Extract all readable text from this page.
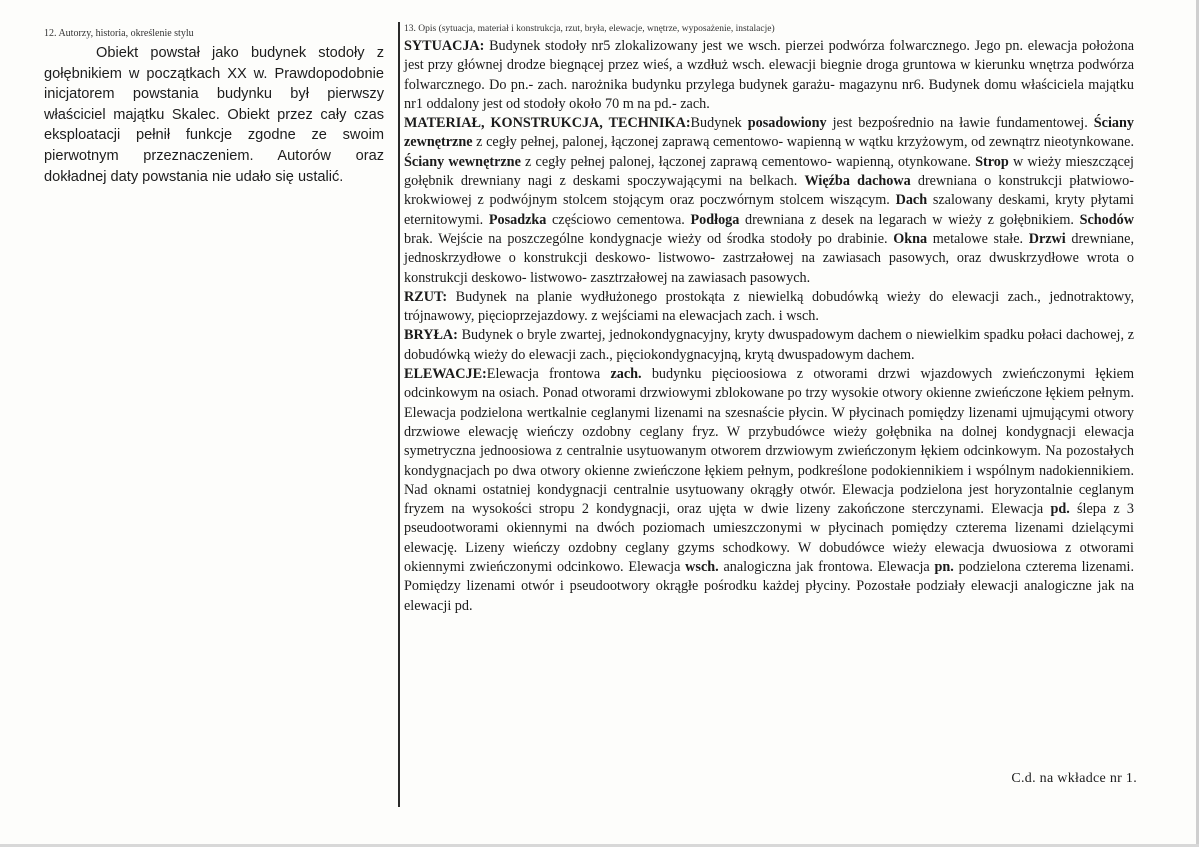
12. Autorzy, historia, określenie stylu

Obiekt powstał jako budynek stodoły z gołębnikiem w początkach XX w. Prawdopodobnie inicjatorem powstania budynku był pierwszy właściciel majątku Skalec. Obiekt przez cały czas eksploatacji pełnił funkcje zgodne ze swoim pierwotnym przeznaczeniem. Autorów oraz dokładnej daty powstania nie udało się ustalić.

13. Opis (sytuacja, materiał i konstrukcja, rzut, bryła, elewacje, wnętrze, wyposażenie, instalacje)

SYTUACJA: Budynek stodoły nr5 zlokalizowany jest we wsch. pierzei podwórza folwarcznego. Jego pn. elewacja położona jest przy głównej drodze biegnącej przez wieś, a wzdłuż wsch. elewacji biegnie droga gruntowa w kierunku wnętrza podwórza folwarcznego. Do pn.- zach. narożnika budynku przylega budynek garażu- magazynu nr6. Budynek domu właściciela majątku nr1 oddalony jest od stodoły około 70 m na pd.- zach.

MATERIAŁ, KONSTRUKCJA, TECHNIKA:Budynek posadowiony jest bezpośrednio na ławie fundamentowej. Ściany zewnętrzne z cegły pełnej, palonej, łączonej zaprawą cementowo- wapienną w wątku krzyżowym, od zewnątrz nieotynkowane. Ściany wewnętrzne z cegły pełnej palonej, łączonej zaprawą cementowo- wapienną, otynkowane. Strop w wieży mieszczącej gołębnik drewniany nagi z deskami spoczywającymi na belkach. Więźba dachowa drewniana o konstrukcji płatwiowo- krokwiowej z podwójnym stolcem stojącym oraz poczwórnym stolcem wiszącym. Dach szalowany deskami, kryty płytami eternitowymi. Posadzka częściowo cementowa. Podłoga drewniana z desek na legarach w wieży z gołębnikiem. Schodów brak. Wejście na poszczególne kondygnacje wieży od środka stodoły po drabinie. Okna metalowe stałe. Drzwi drewniane, jednoskrzydłowe o konstrukcji deskowo- listwowo- zastrzałowej na zawiasach pasowych, oraz dwuskrzydłowe wrota o konstrukcji deskowo- listwowo- zasztrzałowej na zawiasach pasowych.

RZUT: Budynek na planie wydłużonego prostokąta z niewielką dobudówką wieży do elewacji zach., jednotraktowy, trójnawowy, pięcioprzejazdowy. z wejściami na elewacjach zach. i wsch.

BRYŁA: Budynek o bryle zwartej, jednokondygnacyjny, kryty dwuspadowym dachem o niewielkim spadku połaci dachowej, z dobudówką wieży do elewacji zach., pięciokondygnacyjną, krytą dwuspadowym dachem.

ELEWACJE:Elewacja frontowa zach. budynku pięcioosiowa z otworami drzwi wjazdowych zwieńczonymi łękiem odcinkowym na osiach. Ponad otworami drzwiowymi zblokowane po trzy wysokie otwory okienne zwieńczone łękiem pełnym. Elewacja podzielona wertkalnie ceglanymi lizenami na szesnaście płycin. W płycinach pomiędzy lizenami ujmującymi otwory drzwiowe elewację wieńczy ozdobny ceglany fryz. W przybudówce wieży gołębnika na dolnej kondygnacji elewacja symetryczna jednoosiowa z centralnie usytuowanym otworem drzwiowym zwieńczonym łękiem odcinkowym. Na pozostałych kondygnacjach po dwa otwory okienne zwieńczone łękiem pełnym, podkreślone podokiennikiem i wspólnym nadokiennikiem. Nad oknami ostatniej kondygnacji centralnie usytuowany okrągły otwór. Elewacja podzielona jest horyzontalnie ceglanym fryzem na wysokości stropu 2 kondygnacji, oraz ujęta w dwie lizeny zakończone sterczynami. Elewacja pd. ślepa z 3 pseudootworami okiennymi na dwóch poziomach umieszczonymi w płycinach pomiędzy czterema lizenami dzielącymi elewację. Lizeny wieńczy ozdobny ceglany gzyms schodkowy. W dobudówce wieży elewacja dwuosiowa z otworami okiennymi zwieńczonymi odcinkowo. Elewacja wsch. analogiczna jak frontowa. Elewacja pn. podzielona czterema lizenami. Pomiędzy lizenami otwór i pseudootwory okrągłe pośrodku każdej płyciny. Pozostałe podziały elewacji analogiczne jak na elewacji pd.

C.d. na wkładce nr 1.
